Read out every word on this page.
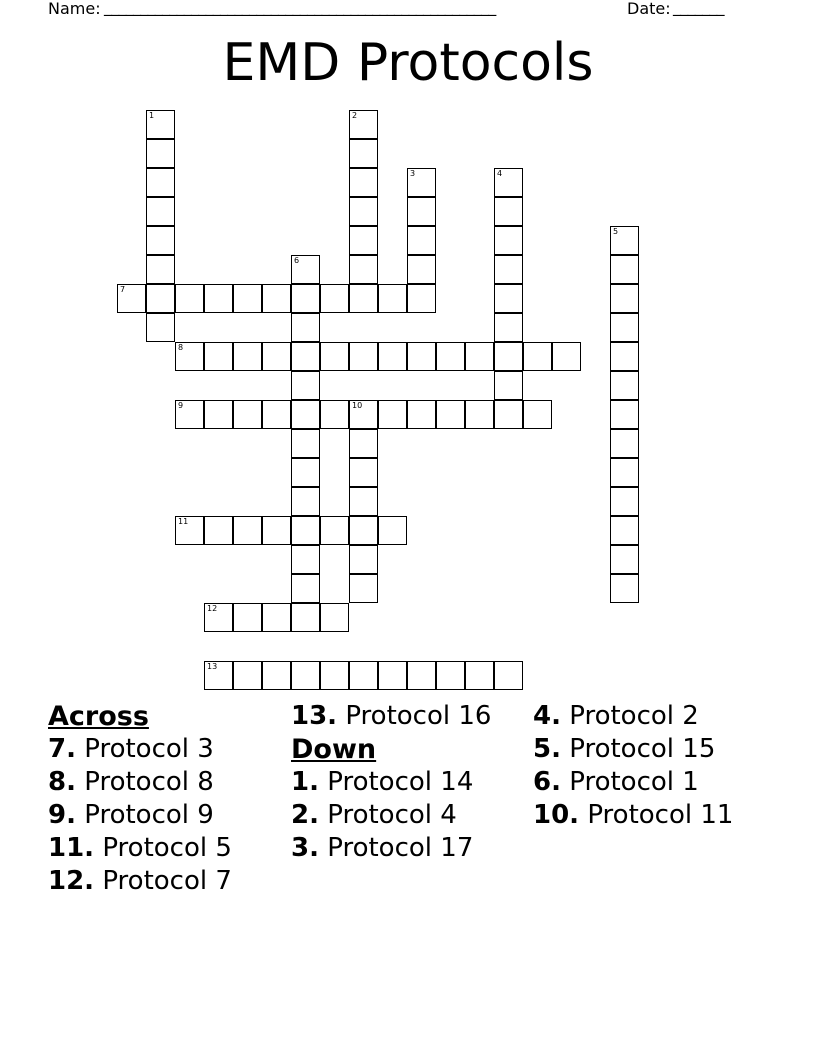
Name: ______________________________________________________	Date: _______
EMD Protocols
1	2
3	4
5
6
7
8
9	10
11
12
13
Across
7. Protocol 3
8. Protocol 8
9. Protocol 9
11. Protocol 5
12. Protocol 7
13. Protocol 16
Down
1. Protocol 14
2. Protocol 4
3. Protocol 17
4. Protocol 2
5. Protocol 15
6. Protocol 1
10. Protocol 11
